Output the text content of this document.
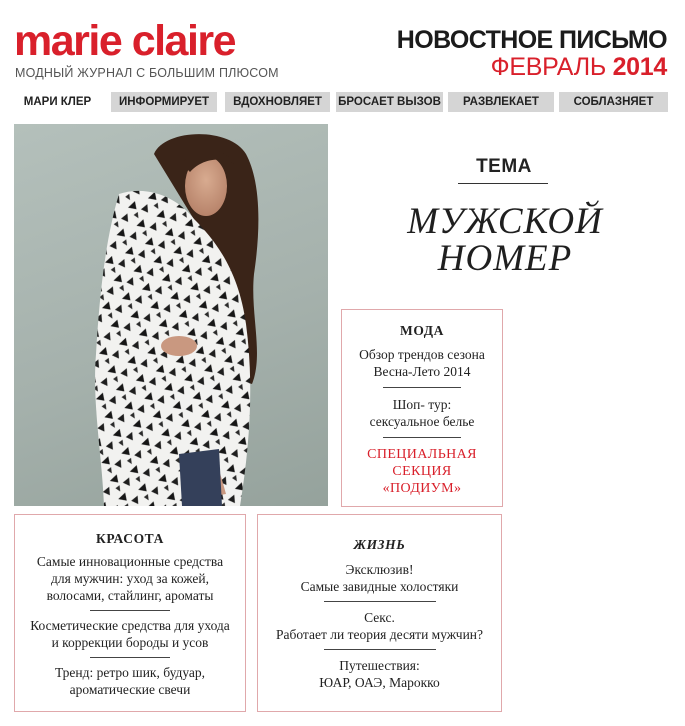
marie claire
МОДНЫЙ ЖУРНАЛ С БОЛЬШИМ ПЛЮСОМ
НОВОСТНОЕ ПИСЬМО
ФЕВРАЛЬ 2014
МАРИ КЛЕР	ИНФОРМИРУЕТ	ВДОХНОВЛЯЕТ	БРОСАЕТ ВЫЗОВ	РАЗВЛЕКАЕТ	СОБЛАЗНЯЕТ
ТЕМА
МУЖСКОЙ
НОМЕР
МОДА
Обзор трендов сезона
Весна-Лето 2014
Шоп- тур:
сексуальное белье
СПЕЦИАЛЬНАЯ
СЕКЦИЯ
«ПОДИУМ»
КРАСОТА
Самые инновационные средства
для мужчин: уход за кожей,
волосами, стайлинг, ароматы
Косметические средства для ухода
и коррекции бороды и усов
Тренд: ретро шик, будуар,
ароматические свечи
ЖИЗНЬ
Эксклюзив!
Самые завидные холостяки
Секс.
Работает ли теория десяти мужчин?
Путешествия:
ЮАР, ОАЭ, Марокко
